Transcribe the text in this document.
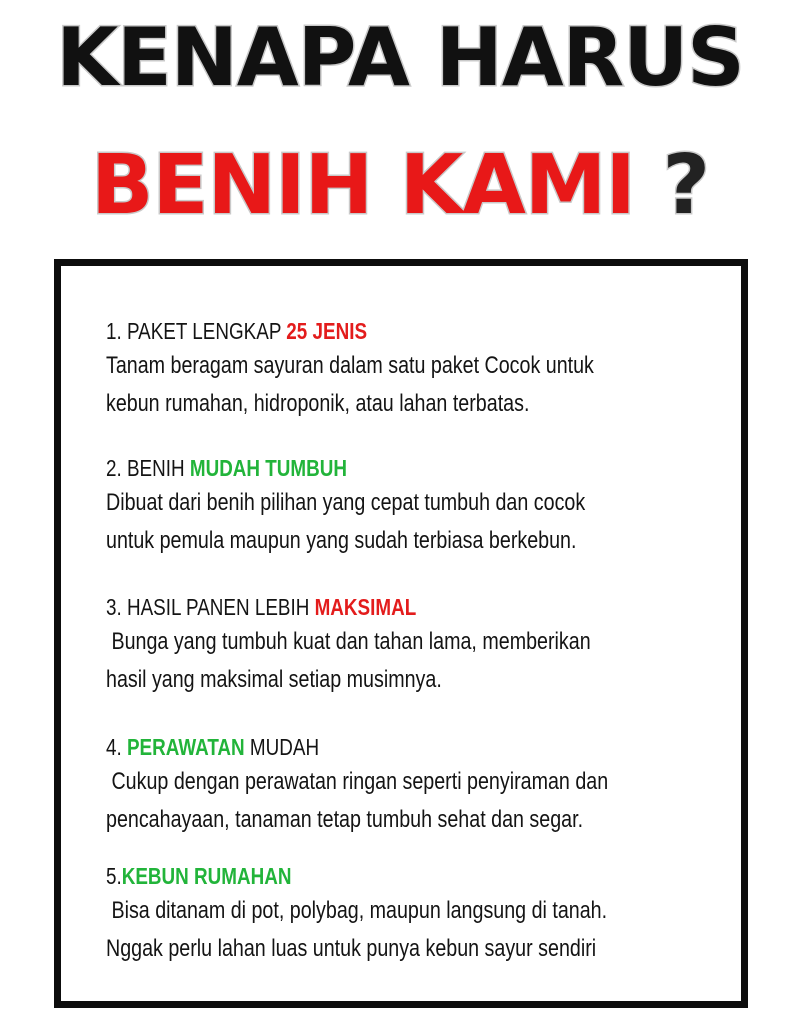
KENAPA HARUS
BENIH KAMI ?
1. PAKET LENGKAP 25 JENIS
Tanam beragam sayuran dalam satu paket Cocok untuk
kebun rumahan, hidroponik, atau lahan terbatas.
2. BENIH MUDAH TUMBUH
Dibuat dari benih pilihan yang cepat tumbuh dan cocok
untuk pemula maupun yang sudah terbiasa berkebun.
3. HASIL PANEN LEBIH MAKSIMAL
Bunga yang tumbuh kuat dan tahan lama, memberikan
hasil yang maksimal setiap musimnya.
4. PERAWATAN MUDAH
Cukup dengan perawatan ringan seperti penyiraman dan
pencahayaan, tanaman tetap tumbuh sehat dan segar.
5.KEBUN RUMAHAN
Bisa ditanam di pot, polybag, maupun langsung di tanah.
Nggak perlu lahan luas untuk punya kebun sayur sendiri
